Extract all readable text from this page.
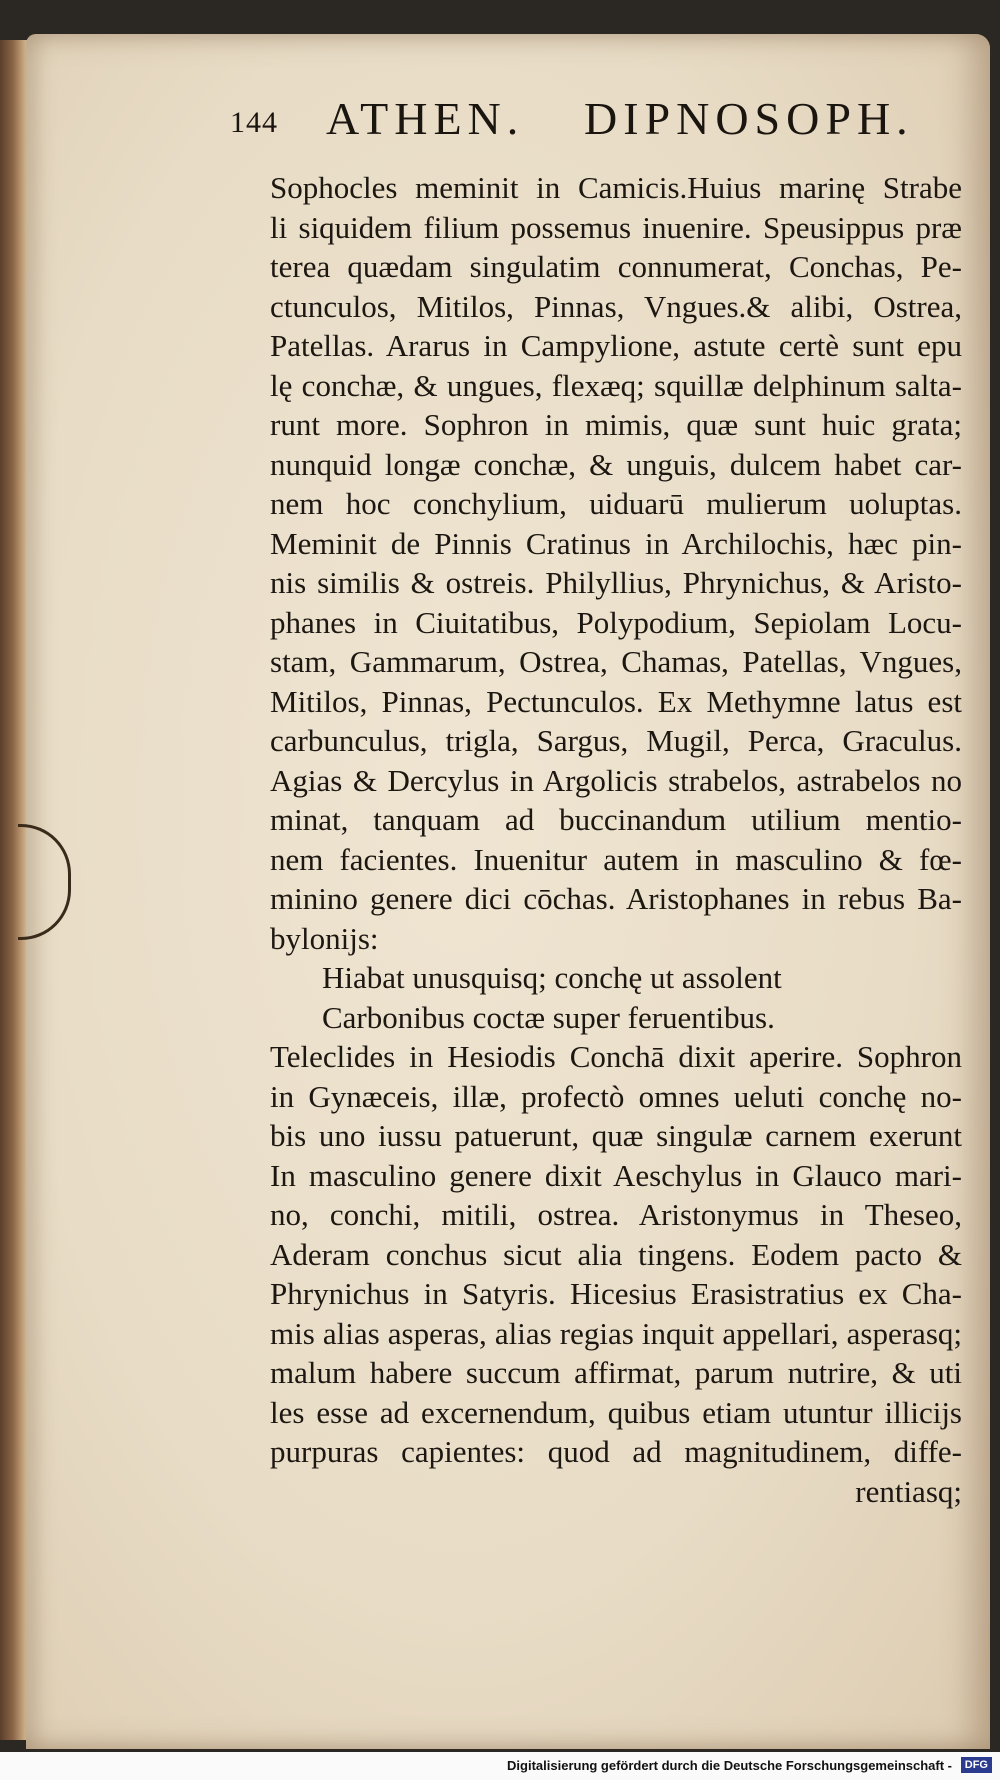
144 ATHEN. DIPNOSOPH.
Sophocles meminit in Camicis.Huius marinę Strabe
li siquidem filium possemus inuenire. Speusippus præ
terea quædam singulatim connumerat, Conchas, Pe-
ctunculos, Mitilos, Pinnas, Vngues.& alibi, Ostrea,
Patellas. Ararus in Campylione, astute certè sunt epu
lę conchæ, & ungues, flexæq; squillæ delphinum salta-
runt more. Sophron in mimis, quæ sunt huic grata;
nunquid longæ conchæ, & unguis, dulcem habet car-
nem hoc conchylium, uiduarū mulierum uoluptas.
Meminit de Pinnis Cratinus in Archilochis, hæc pin-
nis similis & ostreis. Philyllius, Phrynichus, & Aristo-
phanes in Ciuitatibus, Polypodium, Sepiolam Locu-
stam, Gammarum, Ostrea, Chamas, Patellas, Vngues,
Mitilos, Pinnas, Pectunculos. Ex Methymne latus est
carbunculus, trigla, Sargus, Mugil, Perca, Graculus.
Agias & Dercylus in Argolicis strabelos, astrabelos no
minat, tanquam ad buccinandum utilium mentio-
nem facientes. Inuenitur autem in masculino & fœ-
minino genere dici cōchas. Aristophanes in rebus Ba-
bylonijs:
Hiabat unusquisq; conchę ut assolent
Carbonibus coctæ super feruentibus.
Teleclides in Hesiodis Conchā dixit aperire. Sophron
in Gynæceis, illæ, profectò omnes ueluti conchę no-
bis uno iussu patuerunt, quæ singulæ carnem exerunt
In masculino genere dixit Aeschylus in Glauco mari-
no, conchi, mitili, ostrea. Aristonymus in Theseo,
Aderam conchus sicut alia tingens. Eodem pacto &
Phrynichus in Satyris. Hicesius Erasistratius ex Cha-
mis alias asperas, alias regias inquit appellari, asperasq;
malum habere succum affirmat, parum nutrire, & uti
les esse ad excernendum, quibus etiam utuntur illicijs
purpuras capientes: quod ad magnitudinem, diffe-
rentiasq;
Digitalisierung gefördert durch die Deutsche Forschungsgemeinschaft -	DFG
